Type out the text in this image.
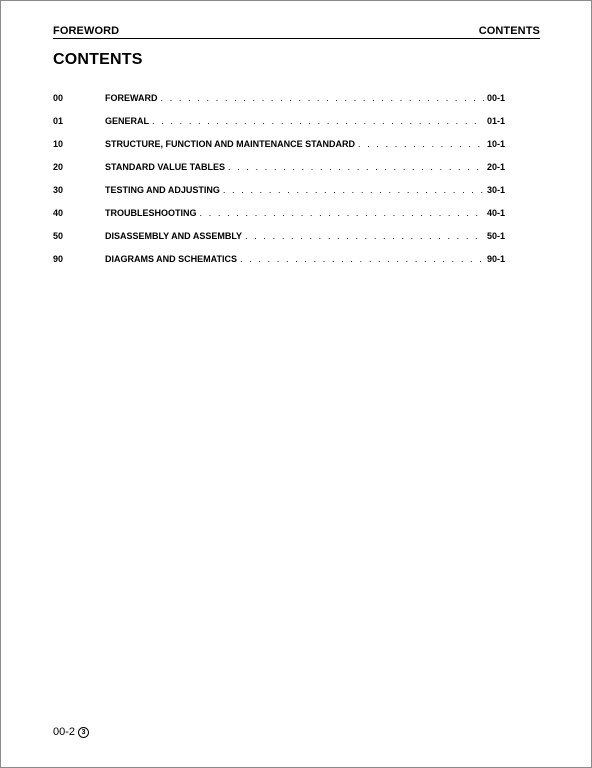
FOREWORD	CONTENTS
CONTENTS
00	FOREWARD . . .	00-1
01	GENERAL . . .	01-1
10	STRUCTURE, FUNCTION AND MAINTENANCE STANDARD . . .	10-1
20	STANDARD VALUE TABLES . . .	20-1
30	TESTING AND ADJUSTING . . .	30-1
40	TROUBLESHOOTING . . .	40-1
50	DISASSEMBLY AND ASSEMBLY . . .	50-1
90	DIAGRAMS AND SCHEMATICS . . .	90-1
00-2 3
